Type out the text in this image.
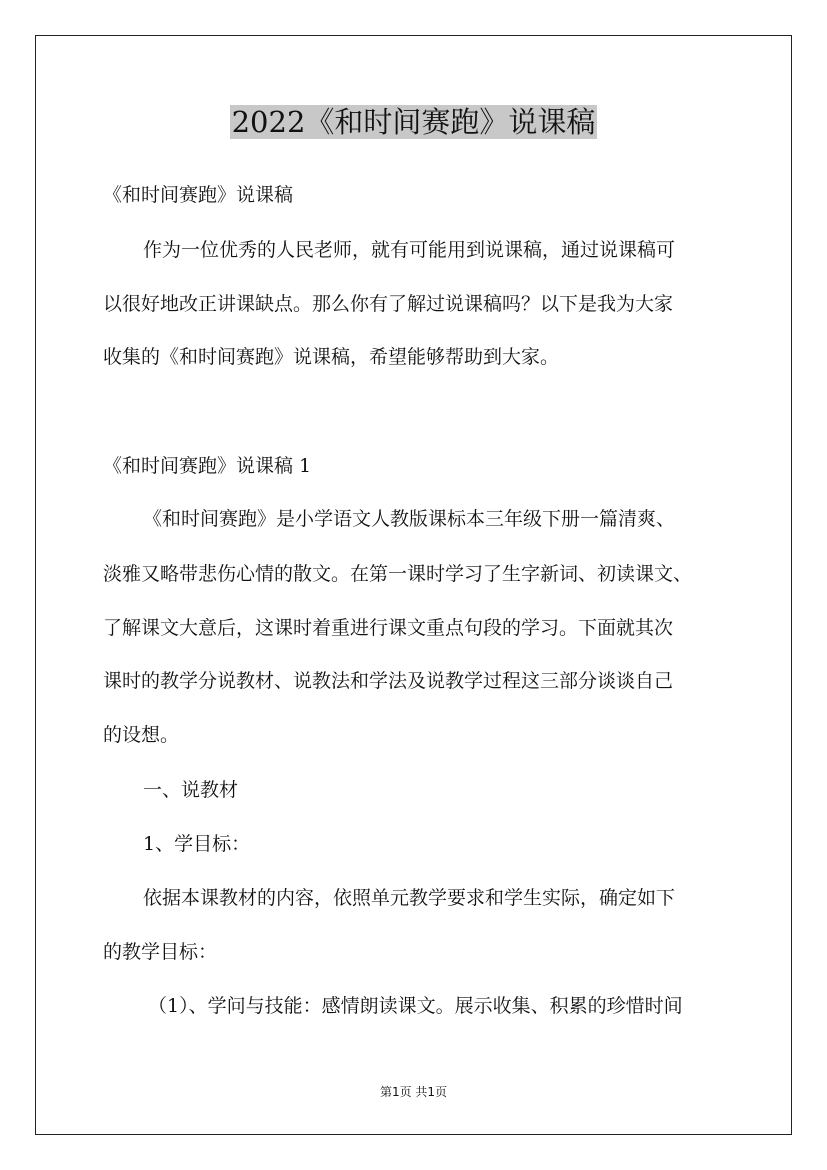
2022《和时间赛跑》说课稿
《和时间赛跑》说课稿
作为一位优秀的人民老师，就有可能用到说课稿，通过说课稿可
以很好地改正讲课缺点。那么你有了解过说课稿吗？以下是我为大家
收集的《和时间赛跑》说课稿，希望能够帮助到大家。
《和时间赛跑》说课稿 1
《和时间赛跑》是小学语文人教版课标本三年级下册一篇清爽、
淡雅又略带悲伤心情的散文。在第一课时学习了生字新词、初读课文、
了解课文大意后，这课时着重进行课文重点句段的学习。下面就其次
课时的教学分说教材、说教法和学法及说教学过程这三部分谈谈自己
的设想。
一、说教材
1、学目标：
依据本课教材的内容，依照单元教学要求和学生实际，确定如下
的教学目标：
（1）、学问与技能：感情朗读课文。展示收集、积累的珍惜时间
第1页 共1页
